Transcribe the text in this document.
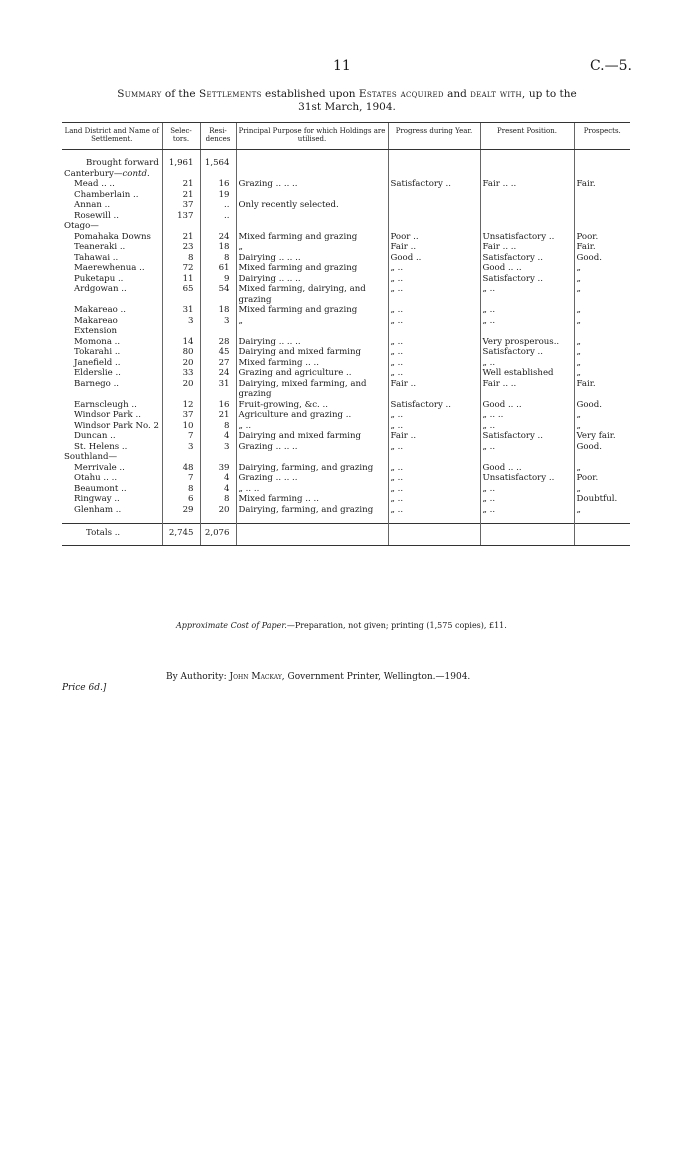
11	C.—5.
Summary of the Settlements established upon Estates acquired and dealt with, up to the
31st March, 1904.
Land District and Name of Settlement.	Selec- tors.	Resi- dences	Principal Purpose for which Holdings are utilised.	Progress during Year.	Present Position.	Prospects.

Brought forward	1,961	1,564				
Canterbury—contd.						
Mead .. ..	21	16	Grazing .. .. ..	Satisfactory ..	Fair .. ..	Fair.
Chamberlain ..	21	19				
Annan ..	37	..	Only recently selected.			
Rosewill ..	137	..				
Otago—						
Pomahaka Downs	21	24	Mixed farming and grazing	Poor ..	Unsatisfactory ..	Poor.
Teaneraki ..	23	18	„	Fair ..	Fair .. ..	Fair.
Tahawai ..	8	8	Dairying .. .. ..	Good ..	Satisfactory ..	Good.
Maerewhenua ..	72	61	Mixed farming and grazing	„ ..	Good .. ..	„
Puketapu ..	11	9	Dairying .. .. ..	„ ..	Satisfactory ..	„
Ardgowan ..	65	54	Mixed farming, dairying, and grazing	„ ..	„ ..	„
Makareao ..	31	18	Mixed farming and grazing	„ ..	„ ..	„
Makareao Extension	3	3	„	„ ..	„ ..	„
Momona ..	14	28	Dairying .. .. ..	„ ..	Very prosperous..	„
Tokarahi ..	80	45	Dairying and mixed farming	„ ..	Satisfactory ..	„
Janefield ..	20	27	Mixed farming .. ..	„ ..	„ ..	„
Elderslie ..	33	24	Grazing and agriculture ..	„ ..	Well established	„
Barnego ..	20	31	Dairying, mixed farming, and grazing	Fair ..	Fair .. ..	Fair.
Earnscleugh ..	12	16	Fruit-growing, &c. ..	Satisfactory ..	Good .. ..	Good.
Windsor Park ..	37	21	Agriculture and grazing ..	„ ..	„ .. ..	„
Windsor Park No. 2	10	8	„ ..	„ ..	„ ..	„
Duncan ..	7	4	Dairying and mixed farming	Fair ..	Satisfactory ..	Very fair.
St. Helens ..	3	3	Grazing .. .. ..	„ ..	„ ..	Good.
Southland—						
Merrivale ..	48	39	Dairying, farming, and grazing	„ ..	Good .. ..	„
Otahu .. ..	7	4	Grazing .. .. ..	„ ..	Unsatisfactory ..	Poor.
Beaumont ..	8	4	„ .. ..	„ ..	„ ..	„
Ringway ..	6	8	Mixed farming .. ..	„ ..	„ ..	Doubtful.
Glenham ..	29	20	Dairying, farming, and grazing	„ ..	„ ..	„

Totals ..	2,745	2,076				
Approximate Cost of Paper.—Preparation, not given; printing (1,575 copies), £11.
By Authority: John Mackay, Government Printer, Wellington.—1904.
Price 6d.]
